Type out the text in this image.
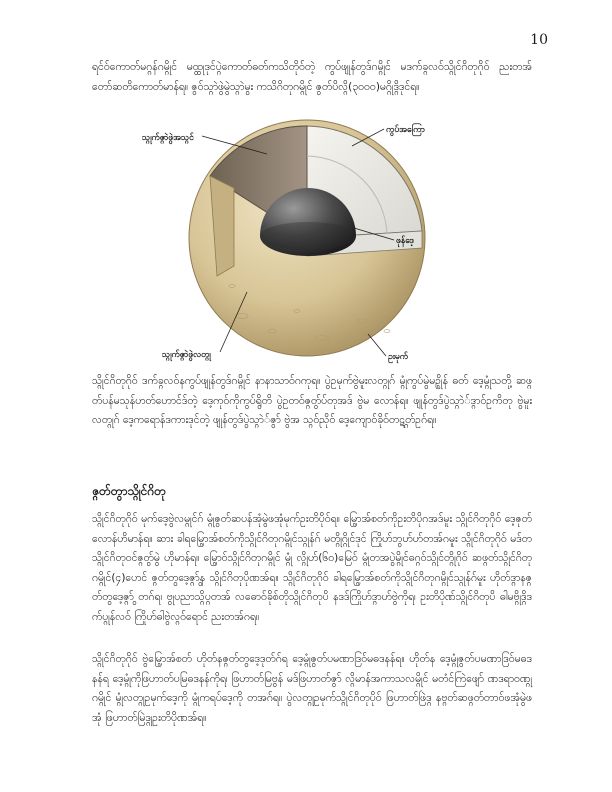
10

ရင်ဝ်ကောတ်မဂ္ဂန်ဂမ္ဂိုင် မထ္ထုဒုင်ပ္ဂဲကောတ်ဓတ်ကသိတိုဝ်တဲ့ ကွပ်ဖျုန်တွဒ်ဂမ္ဂိုင် မဒက်ခ္ဂလဝ်သ္ဂိုင်ဂိတုဂိုဝ် ညးတအ်တော်ဆတိကောတ်မာန်ရ။ ဇွဝ်သ္ဂာဲဖွဲမွဲသ္ဂာဲမွး ကသိဂိတုဂမ္ဂိုင် ဇွတ်ပိလ္ဂိ(၃၀၀၀)မဂ္ဂိုဒ္ဂိဒုင်ရ။

သ္ဂုက်ဇ္ဂာဲဖွဲအသ္ဂင်
ကွပ်အကြော
ဖုန်ဒေ့
သ္ဂုက်ဇ္ဂာဲဖွဲလတ္ဂု	ဥးမုက်

သ္ဂိုင်ဂိတုဂိုဝ် ဒက်ခ္ဂလဝ်နကွပ်ဖျုန်တွဒ်ဂမ္ဂိုင် နာနာသာဝ်ဂကုရ။ ပွဲဥမုက်ဗွဲမူးလတ္ဂုဂ် မ္ဂုံကွပ်မွဲမဉ္ဂိုန် ဓတ် ဒေ့မ္ဂုံသတို့ ဆဖ္ဂတ်ပန်မသုန်ဟတ်ဟောင်ဒ်တဲ့ ဒေ့ကုဝ်ကိုကွပ်ရွိတိ ပွဲဥတဝ်ဇ္ဂွတ်ပ်တုအဒ် ဗွဲမ လောန်ရ။ ဖျုန်တွဒ်ပွဲသ္ဂာဲ်ဒ္ဂာဝ်ဥကိတု ဗွဲမူးလတ္ဂုဂ် ဒေ့ကရောန်ဒကားဒုင်တဲ့ ဖျုန်တွဒ်ပွဲသ္ဂာဲ်ဇွာ် ဗွဲအ သ္ဂဝ်ညိုဝ် ဒေ့ကျောဝ်ခိုဝ်တဋ္ဂတ်ဥဂ်ရ။

ဇ္ဂတ်တွာသ္ဂိုင်ဂိတု

သ္ဂိုင်ဂိတုဂိုဝ် မုက်ဒေ့ဗွဲလမ္ဂုင်ဂ် မ္ဂုံဇွတ်ဆပန်အုံမွဲဖအုံမုက်ဥးတိပိုဝ်ရ။ မ္ဂြောအ်စတ်ကိုဥးတိပိုဂအဒ်မူး သ္ဂိုင်ဂိတုဂိုဝ် ဒေ့ဇုတ်လောန်ဟိမာန်ရ။ ဆား ခါရမ္ဂြောအ်စတ်ကိုသ္ဂိုင်ဂိတုဂမ္ဂိုင်သ္ဂုန်ဂ် မတ္ဂိုဂ္ဂိုင်ဒုင် ကြိုဟ်ဘွဟ်ဟ်တအ်ဂမူး သ္ဂိုင်ဂိတုဂိုဝ် မဒ်တသ္ဂိုင်ဂိတုဝင်ဇ္ဂွတ်မွဲ ဟိုမာန်ရ။ မ္ဂြောဝ်သ္ဂိုင်ဂိတုဂမ္ဂိုင် မ္ဂုံ လ္ဂိုဟ်(၆၀)မြေဝ် မ္ဂုံတအပွဲမ္ဂိုင်ဓဂ္ဂဝ်သ္ဂိုင်တ္ဂိုဂိုဝ် ဆဖ္ဂတ်သ္ဂိုင်ဂိတုဂမ္ဂိုင်(၄)ပောင် ဇ္ဂတ်တွဒေ့ဇ္ဂွာ်န သ္ဂိုင်ဂိတုပိုဏအ်ရ။ သ္ဂိုင်ဂိတုဂိုဝ် ခါရမ္ဂြောအ်စတ်ကိုသ္ဂိုင်ဂိတုဂမ္ဂိုင်သ္ဂုန်ဂ်မူး ဟိုတ်ဒ္ဂာနဇ္ဂတ်တွဒေ့ဇ္ဂွာ် တဂ်ရ၊ ဗွုပညာသ္ဂိပ္ဂတအ် လဓောဝ်ခိုစ်တိုသ္ဂိုင်ဂိတုပိ နဒဒ်ကြိုဟ်ဒ္ဂာဟ်ဗွဲကိုရ၊ ဥးတိပိုဏ်သ္ဂိုင်ဂိတုပိ ဓါမဗ္ဂိုဒ္ဂိဒက်ပ္ဂုန်လဝ် ကြိုဟ်ဓါဗွဲလ္ဂဝ်ရောင် ညးတအ်ဂရ။

သ္ဂိုင်ဂိတုဂိုဝ် ဗွဲမ္ဂြောအ်စတ် ဟိုတ်နဇ္ဂတ်တွဒေ့ဒုတ်ဂ်ရ ဒေ့မ္ဂုံဇွတ်ပမဏာဒြဝ်မဓဒနန်ရ။ ဟိုတ်န ဒေ့မ္ဂုံဇွတ်ပမဏာဒြဝ်မဓဒနန်ရ ဒေ့မ္ဂုံကိုဖြဟာတ်ပမြဓဒနန်ကိုရ၊ ဖြဟာတ်မြဗွန် မဒ်ဖြဟာတ်ဇွာ် လ္ဂိမာန်အကာသလမ္ဂိုင် မတံင်ကြဲဖျော် ဏဒရာဝဏ္ဂုဂမ္ဂိုင် မ္ဂုံလတ္ဂုဥမုက်ဒေ့ကို မ္ဂုံကရပ်ဒေ့ကို တအဂ်ရ။ ပွဲလတ္ဂုဥမုက်သ္ဂိုင်ဂိတုပိုဝ် ဖြဟာတ်ဖြဲဒ္ဂ နဗ္ဂတ်ဆဖ္ဂတ်တာဝ်ဖအုံမွဲဖအုံ ဖြဟာတ်မြဲဒ္ဂုဥးတိပိုဏအ်ရ။
